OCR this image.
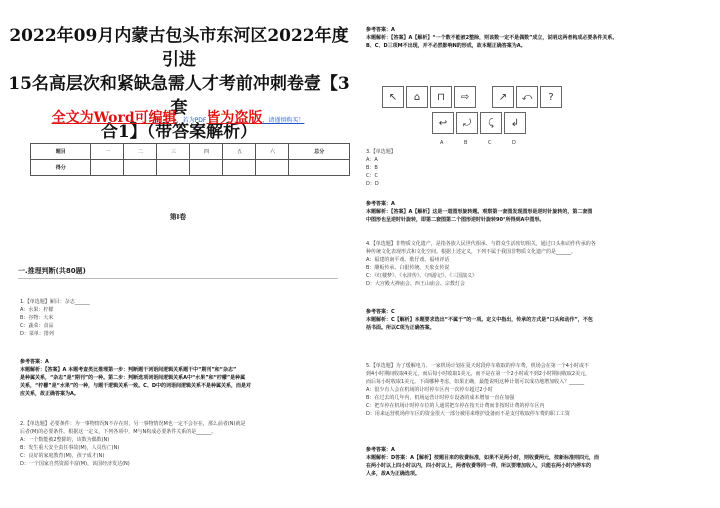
2022年09月内蒙古包头市东河区2022年度引进
15名高层次和紧缺急需人才考前冲刺卷壹【3套
合1】（带答案解析）
全文为Word可编辑，若为PDF皆为盗版，请谨慎购买！
题目	一	二	三	四	五	六	总分
得分							
第I卷
一.推理判断(共80题)
1.【单选题】厢目：杂志______
A：水果：柠檬
B：谷物：大米
C：蔬菜：食品
D：菜单：排列
参考答案：A
本题解析：【答案】A 本题考查类比推理第一步：判断题干词语间逻辑关系题干中“期刊”和“杂志”
是种属关系，“杂志”是“期刊”的一种。第二步：判断选项词语间逻辑关系A中“水果”和“柠檬”是种属
关系，“柠檬”是“水果”的一种，与题干逻辑关系一致。C、D中的词语间逻辑关系不是种属关系，而是对
应关系，故正确答案为A。
2.【单选题】必要条件：为一事物情况N不存在时，另一事物情况M也一定不会存在，那么前者(N)就是
后者(M)的必要条件。根据这一定义，下列各项中，M与N构成必要条件关系的是______。
A：一个数能被2整除的，该数为偶数(N)
B：发生重大安全责任事故(M)，人员伤亡(N)
C：良好的家庭教育(M)，孩子成才(N)
D：一个国家自然资源丰富(M)，该国经济发达(N)
参考答案：A
本题解析：【答案】A【解析】“一个数不能被2整除，则该数一定不是偶数”成立，说明这两者构成必要条件关系。
B、C、D三项M不出现，并不必然影响N的形成，故本题正确答案为A。
↖	⌂	⊓	⇨	↗	⤺	?
↩	⤾	⤹	↲
A	B	C	D
3.【单选题】
A：A
B：B
C：C
D：D
参考答案：A
本题解析：【答案】A【解析】这是一道图形旋转题。观察第一套图发现图形是逆时针旋转的，第二套图
中图形也呈逆时针旋转，即第二套图第二个图形逆时针旋转90°所得到A中图形。
4.【单选题】非物质文化遗产，是指各族人民世代相承、与群众生活密切相关，通过口头和动作传承的各
种传统文化表现形式和文化空间。根据上述定义，下列不属于我国非物质文化遗产的是______。
A：福建的南平戏、歌仔戏、福州评话
B：雕板传承、白银传统、天象女传说
C：《红楼梦》、《水浒传》、《西游记》、《三国演义》
D：大宫殿大禅庙会、西王山庙会、宗教灯会
参考答案：C
本题解析：C【解析】本题要求选出“不属于”的一项。定义中指出，传承的方式是“口头和动作”，不包
括书面。所以C项为正确答案。
5.【单选题】为了缓解电力、一家机场计划在夏天时段停车收取的停车费，机场会在第一个4小时或不
到4小时期间收取4美元，而后每小时收取1美元，而不是在第一个2小时或不到2小时期间收取2美元，
而后每小时收取1美元。下面哪种考虑，如果正确，最能说明这种计划可以成功地增加收入？______
A：很少有人会在机场的计时停车区内一次停车超过2小时
B：在过去的几年内，机场运营计时停车设备的成本增加一直在加强
C：把车停在机场计时停车位的人通常把车停在按天计费而非按时计费的停车区内
D：用来运营机场停车区的资金很大一部分被用来维护设备而不是支付收取停车费的职工工资
参考答案：A
本题解析：D答案：A【解析】按题目来的收费标准，如果不足两小时，则收费两元，按新标准则四元，而
在两小时以上四小时以内，四小时以上，两者收费等同一样，所以要增加收入，只能在两小时内停车的
人多，故A为正确选项。
